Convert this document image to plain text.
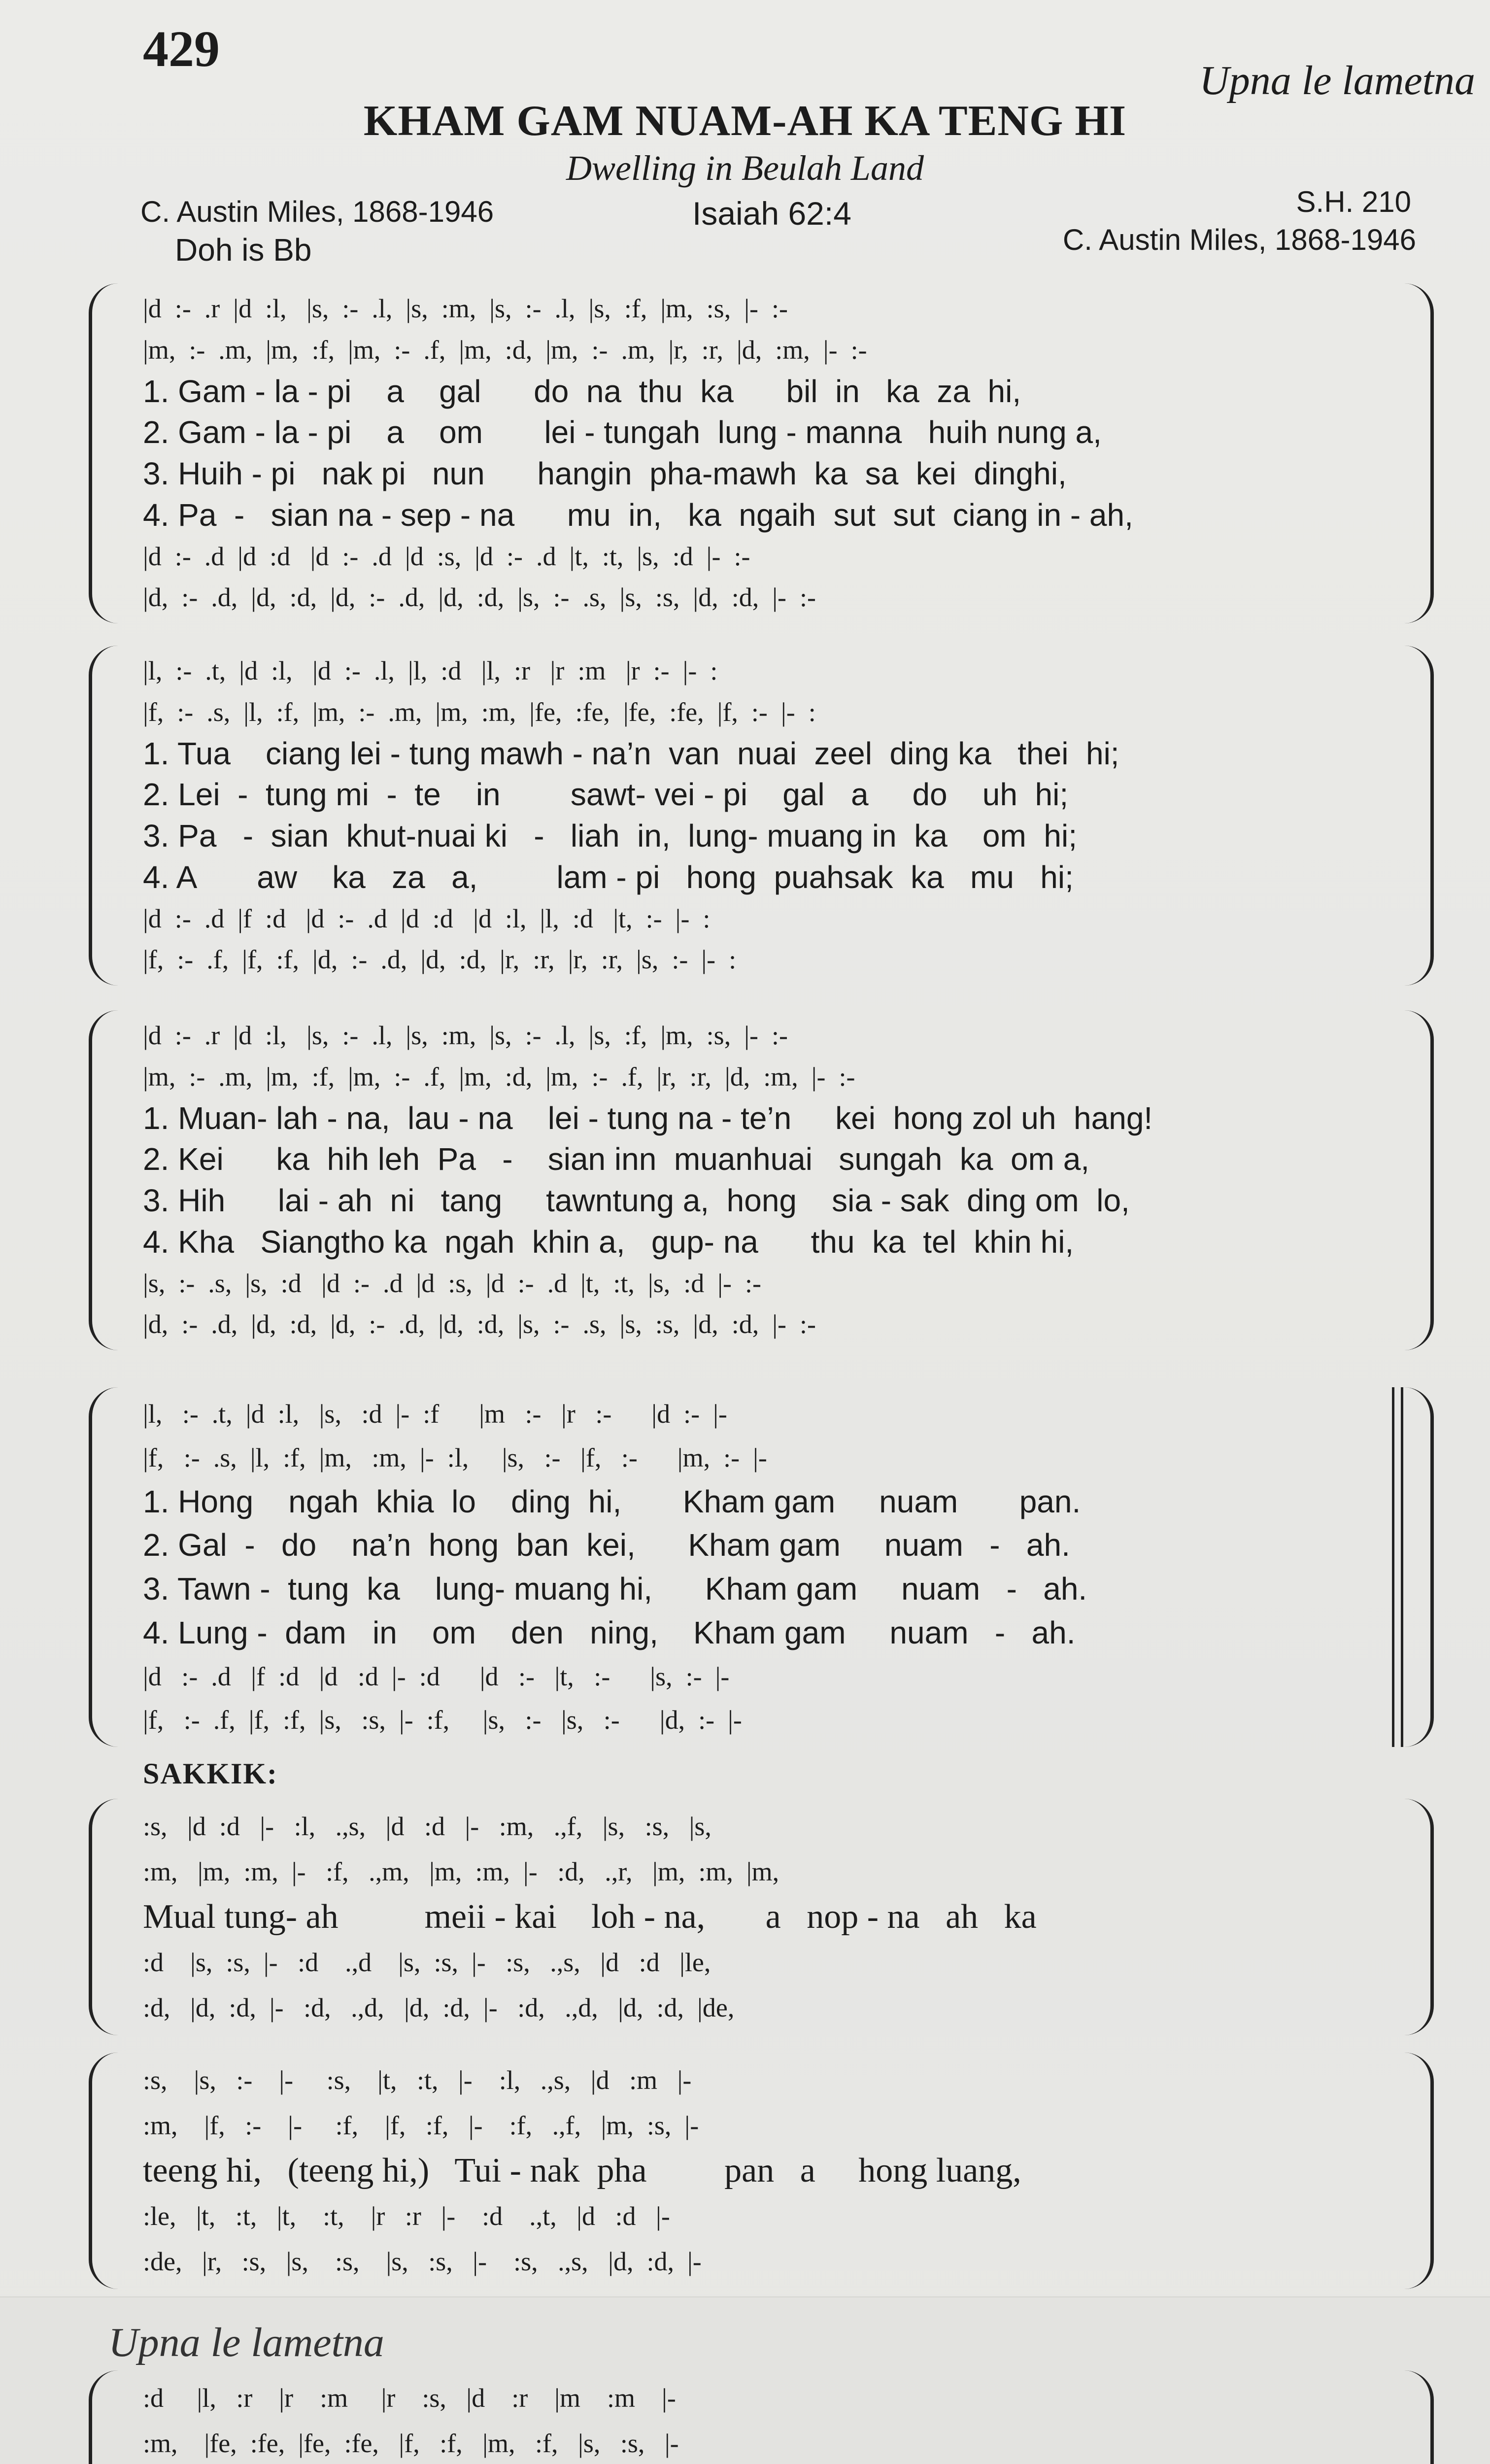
429
Upna le lametna
KHAM GAM NUAM-AH KA TENG HI
Dwelling in Beulah Land
C. Austin Miles, 1868-1946	Isaiah 62:4	S.H. 210
C. Austin Miles, 1868-1946
Doh is Bb
SAKKIK:
Upna le lametna
|d  :-  .r  |d  :l,   |s,  :-  .l,  |s,  :m,  |s,  :-  .l,  |s,  :f,  |m,  :s,  |-  :-
|m,  :-  .m,  |m,  :f,  |m,  :-  .f,  |m,  :d,  |m,  :-  .m,  |r,  :r,  |d,  :m,  |-  :-
1. Gam - la - pi    a    gal      do  na  thu  ka      bil  in   ka  za  hi,
2. Gam - la - pi    a    om       lei - tungah  lung - manna   huih nung a,
3. Huih - pi   nak pi   nun      hangin  pha-mawh  ka  sa  kei  dinghi,
4. Pa  -   sian na - sep - na      mu  in,   ka  ngaih  sut  sut  ciang in - ah,
|d  :-  .d  |d  :d   |d  :-  .d  |d  :s,  |d  :-  .d  |t,  :t,  |s,  :d  |-  :-
|d,  :-  .d,  |d,  :d,  |d,  :-  .d,  |d,  :d,  |s,  :-  .s,  |s,  :s,  |d,  :d,  |-  :-
|l,  :-  .t,  |d  :l,   |d  :-  .l,  |l,  :d   |l,  :r   |r  :m   |r  :-  |-  :
|f,  :-  .s,  |l,  :f,  |m,  :-  .m,  |m,  :m,  |fe,  :fe,  |fe,  :fe,  |f,  :-  |-  :
1. Tua    ciang lei - tung mawh - na’n  van  nuai  zeel  ding ka   thei  hi;
2. Lei  -  tung mi  -  te    in        sawt- vei - pi    gal   a     do    uh  hi;
3. Pa   -  sian  khut-nuai ki   -   liah  in,  lung- muang in  ka    om  hi;
4. A       aw    ka   za   a,         lam - pi   hong  puahsak  ka   mu   hi;
|d  :-  .d  |f  :d   |d  :-  .d  |d  :d   |d  :l,  |l,  :d   |t,  :-  |-  :
|f,  :-  .f,  |f,  :f,  |d,  :-  .d,  |d,  :d,  |r,  :r,  |r,  :r,  |s,  :-  |-  :
|d  :-  .r  |d  :l,   |s,  :-  .l,  |s,  :m,  |s,  :-  .l,  |s,  :f,  |m,  :s,  |-  :-
|m,  :-  .m,  |m,  :f,  |m,  :-  .f,  |m,  :d,  |m,  :-  .f,  |r,  :r,  |d,  :m,  |-  :-
1. Muan- lah - na,  lau - na    lei - tung na - te’n     kei  hong zol uh  hang!
2. Kei      ka  hih leh  Pa   -    sian inn  muanhuai   sungah  ka  om a,
3. Hih      lai - ah  ni   tang     tawntung a,  hong    sia - sak  ding om  lo,
4. Kha   Siangtho ka  ngah  khin a,   gup- na      thu  ka  tel  khin hi,
|s,  :-  .s,  |s,  :d   |d  :-  .d  |d  :s,  |d  :-  .d  |t,  :t,  |s,  :d  |-  :-
|d,  :-  .d,  |d,  :d,  |d,  :-  .d,  |d,  :d,  |s,  :-  .s,  |s,  :s,  |d,  :d,  |-  :-
|l,   :-  .t,  |d  :l,   |s,   :d  |-  :f      |m   :-   |r   :-      |d  :-  |-
|f,   :-  .s,  |l,  :f,  |m,   :m,  |-  :l,     |s,   :-   |f,   :-      |m,  :-  |-
1. Hong    ngah  khia  lo    ding  hi,       Kham gam     nuam       pan.
2. Gal  -   do    na’n  hong  ban  kei,      Kham gam     nuam   -   ah.
3. Tawn -  tung  ka    lung- muang hi,      Kham gam     nuam   -   ah.
4. Lung -  dam   in    om    den   ning,    Kham gam     nuam   -   ah.
|d   :-  .d   |f  :d   |d   :d  |-  :d      |d   :-   |t,   :-      |s,  :-  |-
|f,   :-  .f,  |f,  :f,  |s,   :s,  |-  :f,     |s,   :-   |s,   :-      |d,  :-  |-
:s,   |d  :d   |-   :l,   .,s,   |d   :d   |-   :m,   .,f,   |s,   :s,   |s,
:m,   |m,  :m,  |-   :f,   .,m,   |m,  :m,  |-   :d,   .,r,   |m,  :m,  |m,
Mual tung- ah          meii - kai    loh - na,       a   nop - na   ah   ka
:d    |s,  :s,  |-   :d    .,d    |s,  :s,  |-   :s,   .,s,   |d   :d   |le,
:d,   |d,  :d,  |-   :d,   .,d,   |d,  :d,  |-   :d,   .,d,   |d,  :d,  |de,
:s,    |s,   :-    |-     :s,    |t,   :t,   |-    :l,   .,s,   |d   :m   |-
:m,    |f,   :-    |-     :f,    |f,   :f,   |-    :f,   .,f,   |m,  :s,  |-
teeng hi,   (teeng hi,)   Tui - nak  pha         pan   a     hong luang,
:le,   |t,   :t,   |t,    :t,    |r   :r   |-    :d    .,t,   |d   :d   |-
:de,   |r,   :s,   |s,    :s,    |s,   :s,   |-    :s,   .,s,   |d,  :d,  |-
:d     |l,   :r    |r    :m     |r    :s,   |d    :r    |m    :m    |-
:m,    |fe,  :fe,  |fe,  :fe,   |f,   :f,   |m,   :f,   |s,   :s,   |-
